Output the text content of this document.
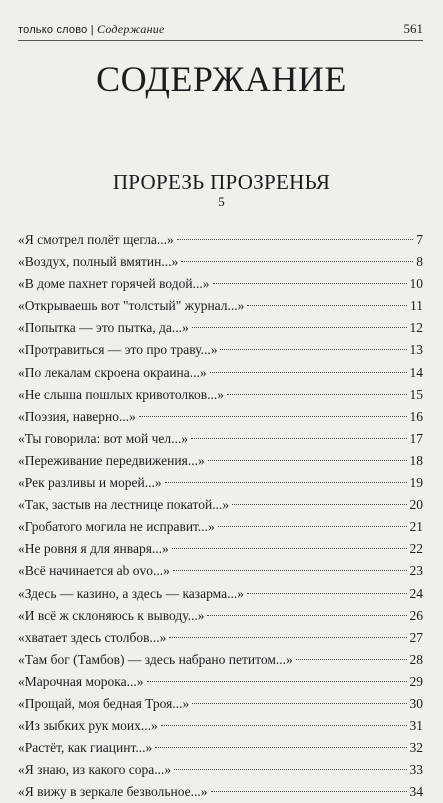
только слово | Содержание	561
СОДЕРЖАНИЕ
ПРОРЕЗЬ ПРОЗРЕНЬЯ
5
«Я смотрел полёт щегла...»	7
«Воздух, полный вмятин...»	8
«В доме пахнет горячей водой...»	10
«Открываешь вот "толстый" журнал...»	11
«Попытка — это пытка, да...»	12
«Протравиться — это про траву...»	13
«По лекалам скроена окраина...»	14
«Не слыша пошлых кривотолков...»	15
«Поэзия, наверно...»	16
«Ты говорила: вот мой чел...»	17
«Переживание передвижения...»	18
«Рек разливы и морей...»	19
«Так, застыв на лестнице покатой...»	20
«Гробатого могила не исправит...»	21
«Не ровня я для января...»	22
«Всё начинается ab ovo...»	23
«Здесь — казино, а здесь — казарма...»	24
«И всё ж склоняюсь к выводу...»	26
«хватает здесь столбов...»	27
«Там бог (Тамбов) — здесь набрано петитом...»	28
«Марочная морока...»	29
«Прощай, моя бедная Троя...»	30
«Из зыбких рук моих...»	31
«Растёт, как гиацинт...»	32
«Я знаю, из какого сора...»	33
«Я вижу в зеркале безвольное...»	34
